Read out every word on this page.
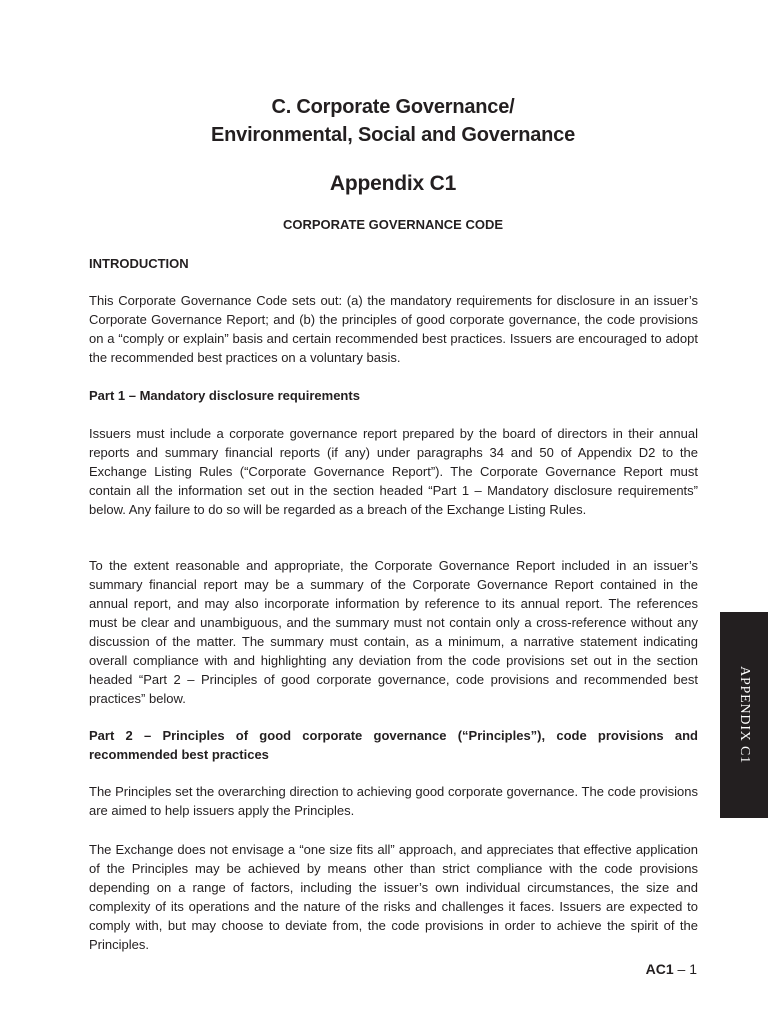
C. Corporate Governance/
Environmental, Social and Governance
Appendix C1
CORPORATE GOVERNANCE CODE
INTRODUCTION
This Corporate Governance Code sets out: (a) the mandatory requirements for disclosure in an issuer’s Corporate Governance Report; and (b) the principles of good corporate governance, the code provisions on a “comply or explain” basis and certain recommended best practices. Issuers are encouraged to adopt the recommended best practices on a voluntary basis.
Part 1 – Mandatory disclosure requirements
Issuers must include a corporate governance report prepared by the board of directors in their annual reports and summary financial reports (if any) under paragraphs 34 and 50 of Appendix D2 to the Exchange Listing Rules (“Corporate Governance Report”). The Corporate Governance Report must contain all the information set out in the section headed “Part 1 – Mandatory disclosure requirements” below. Any failure to do so will be regarded as a breach of the Exchange Listing Rules.
To the extent reasonable and appropriate, the Corporate Governance Report included in an issuer’s summary financial report may be a summary of the Corporate Governance Report contained in the annual report, and may also incorporate information by reference to its annual report. The references must be clear and unambiguous, and the summary must not contain only a cross-reference without any discussion of the matter. The summary must contain, as a minimum, a narrative statement indicating overall compliance with and highlighting any deviation from the code provisions set out in the section headed “Part 2 – Principles of good corporate governance, code provisions and recommended best practices” below.
Part 2 – Principles of good corporate governance (“Principles”), code provisions and recommended best practices
The Principles set the overarching direction to achieving good corporate governance. The code provisions are aimed to help issuers apply the Principles.
The Exchange does not envisage a “one size fits all” approach, and appreciates that effective application of the Principles may be achieved by means other than strict compliance with the code provisions depending on a range of factors, including the issuer’s own individual circumstances, the size and complexity of its operations and the nature of the risks and challenges it faces. Issuers are expected to comply with, but may choose to deviate from, the code provisions in order to achieve the spirit of the Principles.
APPENDIX C1
AC1 – 1
